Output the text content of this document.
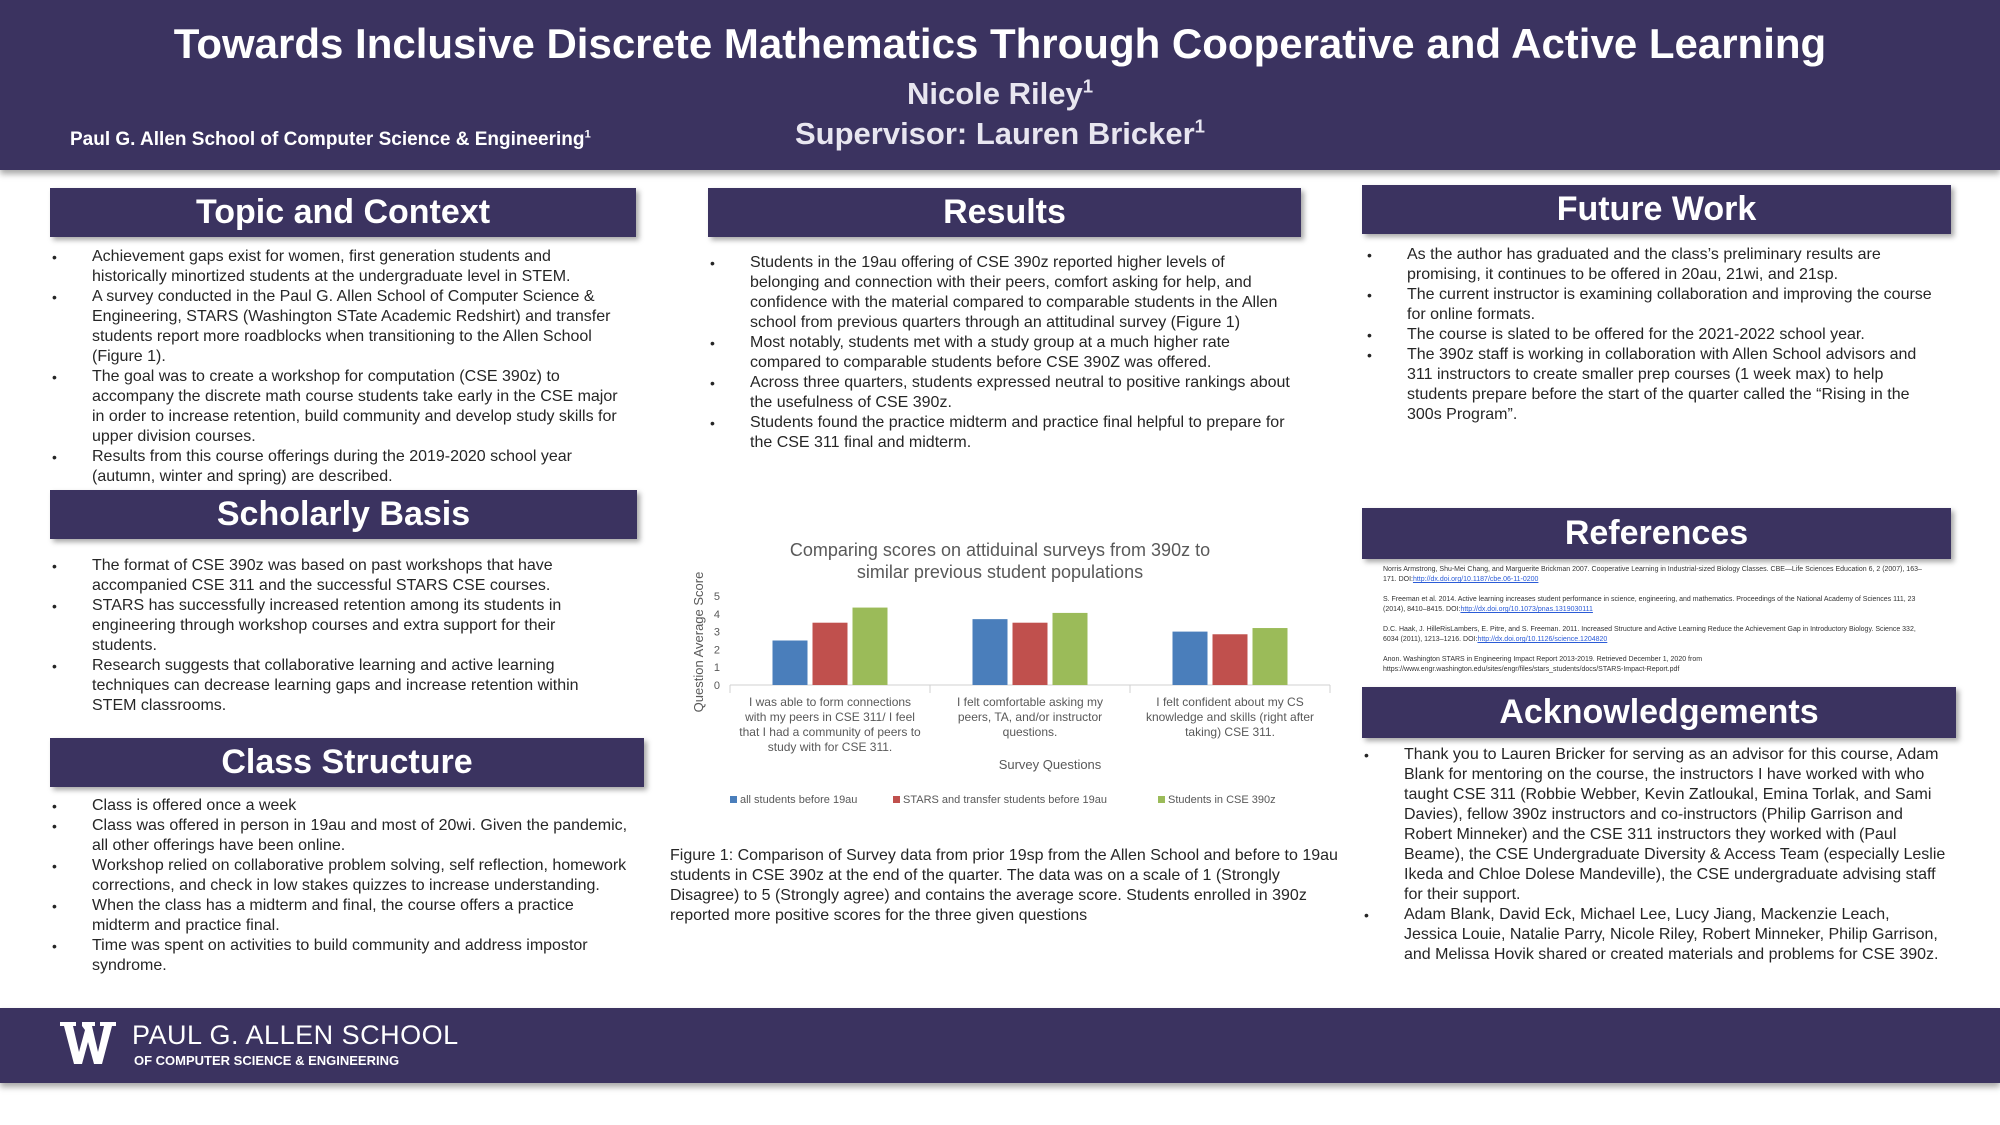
Towards Inclusive Discrete Mathematics Through Cooperative and Active Learning
Nicole Riley$^1$
Supervisor: Lauren Bricker$^1$
Paul G. Allen School of Computer Science & Engineering$^1$
Topic and Context
• Achievement gaps exist for women, first generation students and historically minortized students at the undergraduate level in STEM.
• A survey conducted in the Paul G. Allen School of Computer Science & Engineering, STARS (Washington STate Academic Redshirt) and transfer students report more roadblocks when transitioning to the Allen School (Figure 1).
• The goal was to create a workshop for computation (CSE 390z) to accompany the discrete math course students take early in the CSE major in order to increase retention, build community and develop study skills for upper division courses.
• Results from this course offerings during the 2019-2020 school year (autumn, winter and spring) are described.
Scholarly Basis
• The format of CSE 390z was based on past workshops that have accompanied CSE 311 and the successful STARS CSE courses.
• STARS has successfully increased retention among its students in engineering through workshop courses and extra support for their students.
• Research suggests that collaborative learning and active learning techniques can decrease learning gaps and increase retention within STEM classrooms.
Class Structure
• Class is offered once a week
• Class was offered in person in 19au and most of 20wi. Given the pandemic, all other offerings have been online.
• Workshop relied on collaborative problem solving, self reflection, homework corrections, and check in low stakes quizzes to increase understanding.
• When the class has a midterm and final, the course offers a practice midterm and practice final.
• Time was spent on activities to build community and address impostor syndrome.
Results
• Students in the 19au offering of CSE 390z reported higher levels of belonging and connection with their peers, comfort asking for help, and confidence with the material compared to comparable students in the Allen school from previous quarters through an attitudinal survey (Figure 1)
• Most notably, students met with a study group at a much higher rate compared to comparable students before CSE 390Z was offered.
• Across three quarters, students expressed neutral to positive rankings about the usefulness of CSE 390z.
• Students found the practice midterm and practice final helpful to prepare for the CSE 311 final and midterm.
Comparing scores on attiduinal surveys from 390z to
similar previous student populations
0
1
2
3
4
5
I was able to form connections
with my peers in CSE 311/ I feel
that I had a community of peers to
study with for CSE 311.
I felt comfortable asking my
peers, TA, and/or instructor
questions.
I felt confident about my CS
knowledge and skills (right after
taking) CSE 311.
Question Average Score
Survey Questions
all students before 19au	STARS and transfer students before 19au	Students in CSE 390z
Figure 1: Comparison of Survey data from prior 19sp from the Allen School and before to 19au students in CSE 390z at the end of the quarter. The data was on a scale of 1 (Strongly Disagree) to 5 (Strongly agree) and contains the average score. Students enrolled in 390z reported more positive scores for the three given questions
Future Work
• As the author has graduated and the class’s preliminary results are promising, it continues to be offered in 20au, 21wi, and 21sp.
• The current instructor is examining collaboration and improving the course for online formats.
• The course is slated to be offered for the 2021-2022 school year.
• The 390z staff is working in collaboration with Allen School advisors and 311 instructors to create smaller prep courses (1 week max) to help students prepare before the start of the quarter called the “Rising in the 300s Program”.
References

Norris Armstrong, Shu-Mei Chang, and Marguerite Brickman 2007. Cooperative Learning in Industrial-sized Biology Classes. CBE—Life Sciences Education 6, 2 (2007), 163–171. DOI:http://dx.doi.org/10.1187/cbe.06-11-0200

S. Freeman et al. 2014. Active learning increases student performance in science, engineering, and mathematics. Proceedings of the National Academy of Sciences 111, 23 (2014), 8410–8415. DOI:http://dx.doi.org/10.1073/pnas.1319030111

D.C. Haak, J. HilleRisLambers, E. Pitre, and S. Freeman. 2011. Increased Structure and Active Learning Reduce the Achievement Gap in Introductory Biology. Science 332, 6034 (2011), 1213–1216. DOI:http://dx.doi.org/10.1126/science.1204820

Anon. Washington STARS in Engineering Impact Report 2013-2019. Retrieved December 1, 2020 from https://www.engr.washington.edu/sites/engr/files/stars_students/docs/STARS-Impact-Report.pdf

Acknowledgements
• Thank you to Lauren Bricker for serving as an advisor for this course, Adam Blank for mentoring on the course, the instructors I have worked with who taught CSE 311 (Robbie Webber, Kevin Zatloukal, Emina Torlak, and Sami Davies), fellow 390z instructors and co-instructors (Philip Garrison and Robert Minneker) and the CSE 311 instructors they worked with (Paul Beame), the CSE Undergraduate Diversity & Access Team (especially Leslie Ikeda and Chloe Dolese Mandeville), the CSE undergraduate advising staff for their support.
• Adam Blank, David Eck, Michael Lee, Lucy Jiang, Mackenzie Leach, Jessica Louie, Natalie Parry, Nicole Riley, Robert Minneker, Philip Garrison, and Melissa Hovik shared or created materials and problems for CSE 390z.
PAUL G. ALLEN SCHOOL
OF COMPUTER SCIENCE & ENGINEERING
